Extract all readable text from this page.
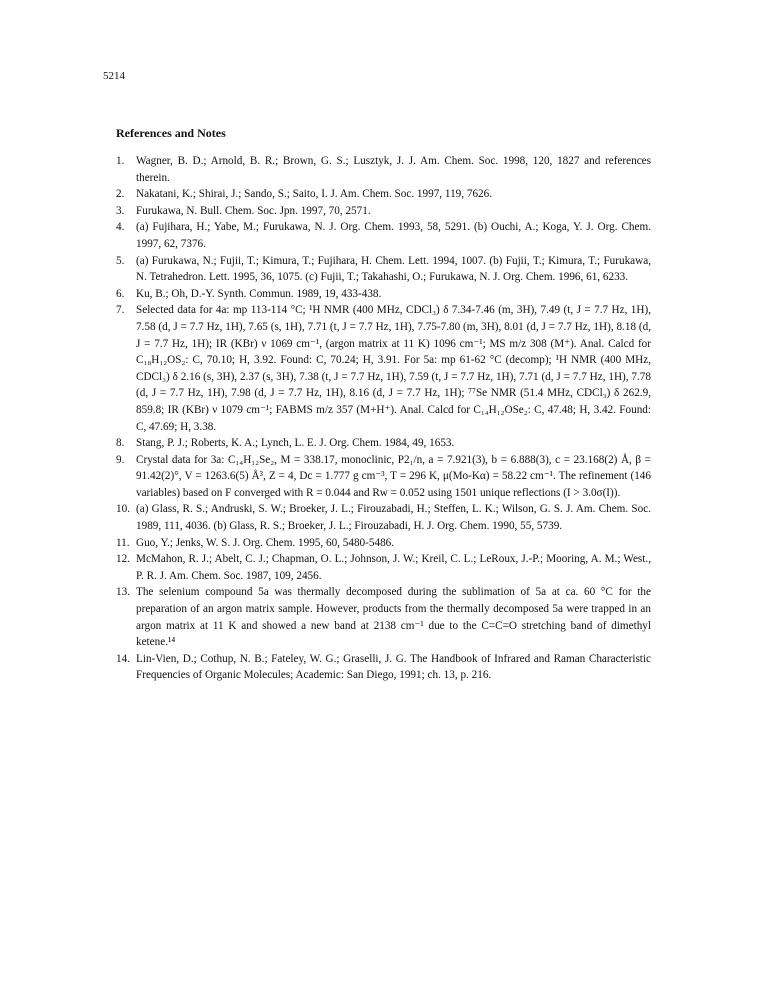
5214
References and Notes
1.	Wagner, B. D.; Arnold, B. R.; Brown, G. S.; Lusztyk, J. J. Am. Chem. Soc. 1998, 120, 1827 and references therein.
2.	Nakatani, K.; Shirai, J.; Sando, S.; Saito, I. J. Am. Chem. Soc. 1997, 119, 7626.
3.	Furukawa, N. Bull. Chem. Soc. Jpn. 1997, 70, 2571.
4.	(a) Fujihara, H.; Yabe, M.; Furukawa, N. J. Org. Chem. 1993, 58, 5291. (b) Ouchi, A.; Koga, Y. J. Org. Chem. 1997, 62, 7376.
5.	(a) Furukawa, N.; Fujii, T.; Kimura, T.; Fujihara, H. Chem. Lett. 1994, 1007. (b) Fujii, T.; Kimura, T.; Furukawa, N. Tetrahedron. Lett. 1995, 36, 1075. (c) Fujii, T.; Takahashi, O.; Furukawa, N. J. Org. Chem. 1996, 61, 6233.
6.	Ku, B.; Oh, D.-Y. Synth. Commun. 1989, 19, 433-438.
7.	Selected data for 4a: mp 113-114 °C; ¹H NMR (400 MHz, CDCl₃) δ 7.34-7.46 (m, 3H), 7.49 (t, J = 7.7 Hz, 1H), 7.58 (d, J = 7.7 Hz, 1H), 7.65 (s, 1H), 7.71 (t, J = 7.7 Hz, 1H), 7.75-7.80 (m, 3H), 8.01 (d, J = 7.7 Hz, 1H), 8.18 (d, J = 7.7 Hz, 1H); IR (KBr) ν 1069 cm⁻¹, (argon matrix at 11 K) 1096 cm⁻¹; MS m/z 308 (M⁺). Anal. Calcd for C₁₈H₁₂OS₂: C, 70.10; H, 3.92. Found: C, 70.24; H, 3.91. For 5a: mp 61-62 °C (decomp); ¹H NMR (400 MHz, CDCl₃) δ 2.16 (s, 3H), 2.37 (s, 3H), 7.38 (t, J = 7.7 Hz, 1H), 7.59 (t, J = 7.7 Hz, 1H), 7.71 (d, J = 7.7 Hz, 1H), 7.78 (d, J = 7.7 Hz, 1H), 7.98 (d, J = 7.7 Hz, 1H), 8.16 (d, J = 7.7 Hz, 1H); ⁷⁷Se NMR (51.4 MHz, CDCl₃) δ 262.9, 859.8; IR (KBr) ν 1079 cm⁻¹; FABMS m/z 357 (M+H⁺). Anal. Calcd for C₁₄H₁₂OSe₂: C, 47.48; H, 3.42. Found: C, 47.69; H, 3.38.
8.	Stang, P. J.; Roberts, K. A.; Lynch, L. E. J. Org. Chem. 1984, 49, 1653.
9.	Crystal data for 3a: C₁₄H₁₂Se₂, M = 338.17, monoclinic, P2₁/n, a = 7.921(3), b = 6.888(3), c = 23.168(2) Å, β = 91.42(2)°, V = 1263.6(5) Å³, Z = 4, Dc = 1.777 g cm⁻³, T = 296 K, μ(Mo-Kα) = 58.22 cm⁻¹. The refinement (146 variables) based on F converged with R = 0.044 and Rw = 0.052 using 1501 unique reflections (I > 3.0σ(I)).
10. (a) Glass, R. S.; Andruski, S. W.; Broeker, J. L.; Firouzabadi, H.; Steffen, L. K.; Wilson, G. S. J. Am. Chem. Soc. 1989, 111, 4036. (b) Glass, R. S.; Broeker, J. L.; Firouzabadi, H. J. Org. Chem. 1990, 55, 5739.
11. Guo, Y.; Jenks, W. S. J. Org. Chem. 1995, 60, 5480-5486.
12. McMahon, R. J.; Abelt, C. J.; Chapman, O. L.; Johnson, J. W.; Kreil, C. L.; LeRoux, J.-P.; Mooring, A. M.; West., P. R. J. Am. Chem. Soc. 1987, 109, 2456.
13. The selenium compound 5a was thermally decomposed during the sublimation of 5a at ca. 60 °C for the preparation of an argon matrix sample. However, products from the thermally decomposed 5a were trapped in an argon matrix at 11 K and showed a new band at 2138 cm⁻¹ due to the C=C=O stretching band of dimethyl ketene.¹⁴
14. Lin-Vien, D.; Cothup, N. B.; Fateley, W. G.; Graselli, J. G. The Handbook of Infrared and Raman Characteristic Frequencies of Organic Molecules; Academic: San Diego, 1991; ch. 13, p. 216.
